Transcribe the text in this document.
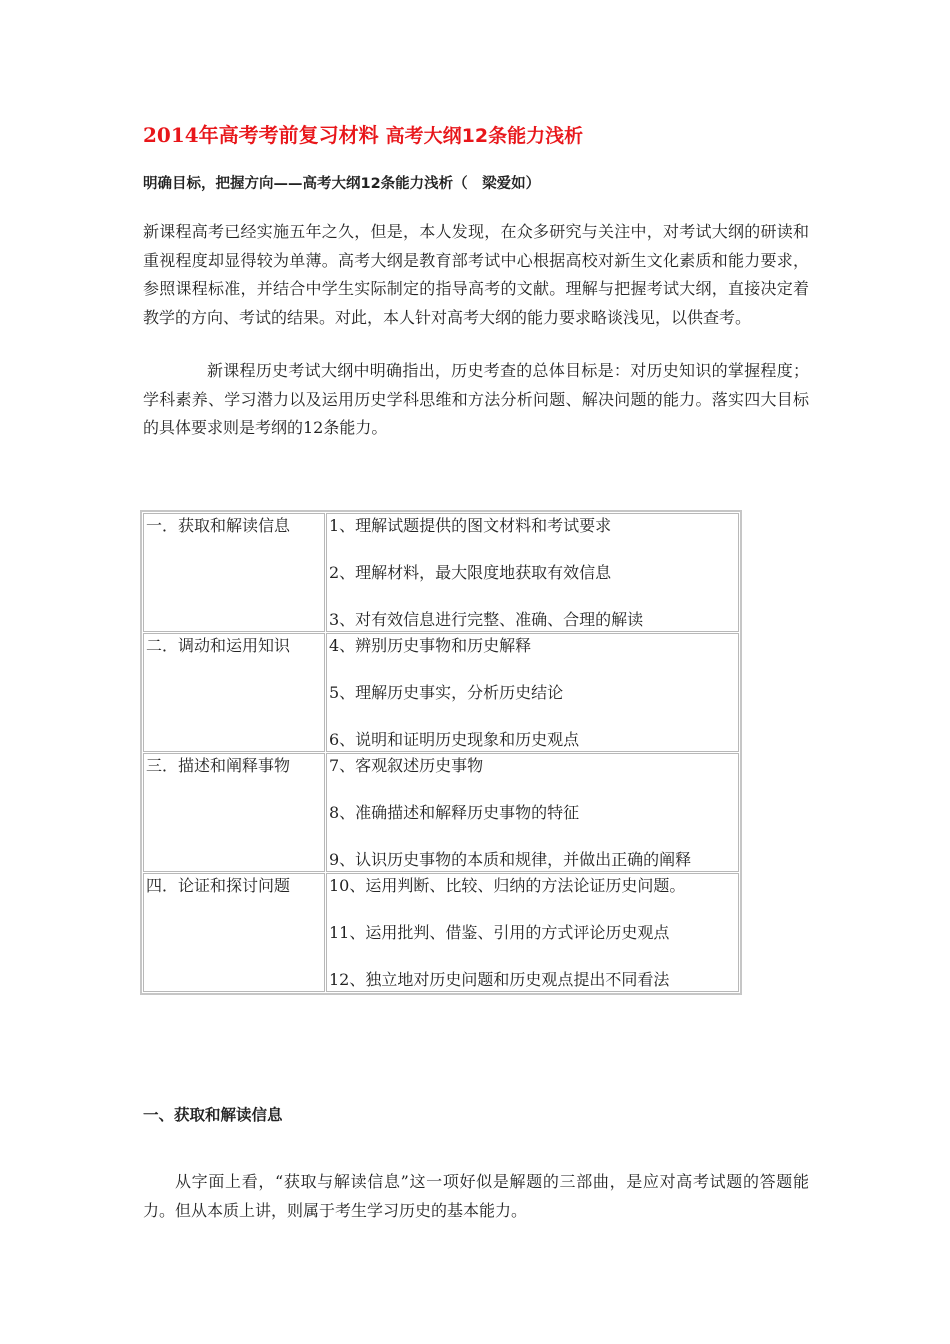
2014年高考考前复习材料 高考大纲12条能力浅析

明确目标，把握方向——高考大纲12条能力浅析（　梁爱如）

新课程高考已经实施五年之久，但是，本人发现，在众多研究与关注中，对考试大纲的研读和重视程度却显得较为单薄。高考大纲是教育部考试中心根据高校对新生文化素质和能力要求，参照课程标准，并结合中学生实际制定的指导高考的文献。理解与把握考试大纲，直接决定着教学的方向、考试的结果。对此，本人针对高考大纲的能力要求略谈浅见，以供查考。

新课程历史考试大纲中明确指出，历史考查的总体目标是：对历史知识的掌握程度；学科素养、学习潜力以及运用历史学科思维和方法分析问题、解决问题的能力。落实四大目标的具体要求则是考纲的12条能力。

一．获取和解读信息	1、理解试题提供的图文材料和考试要求
2、理解材料，最大限度地获取有效信息
3、对有效信息进行完整、准确、合理的解读

二．调动和运用知识	4、辨别历史事物和历史解释
5、理解历史事实，分析历史结论
6、说明和证明历史现象和历史观点

三．描述和阐释事物	7、客观叙述历史事物
8、准确描述和解释历史事物的特征
9、认识历史事物的本质和规律，并做出正确的阐释

四．论证和探讨问题	10、运用判断、比较、归纳的方法论证历史问题。
11、运用批判、借鉴、引用的方式评论历史观点
12、独立地对历史问题和历史观点提出不同看法
一、获取和解读信息

从字面上看，“获取与解读信息”这一项好似是解题的三部曲，是应对高考试题的答题能力。但从本质上讲，则属于考生学习历史的基本能力。
